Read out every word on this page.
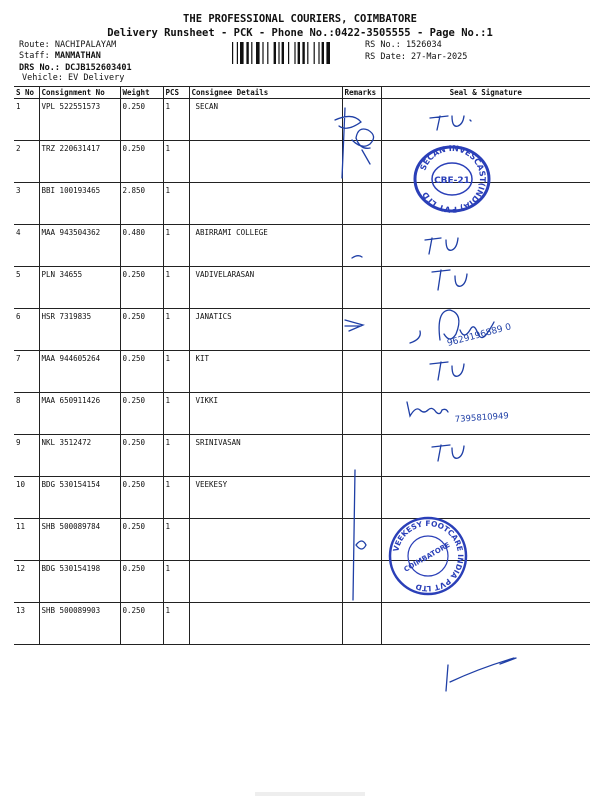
THE PROFESSIONAL COURIERS, COIMBATORE
Delivery Runsheet - PCK - Phone No.:0422-3505555 - Page No.:1
Route: NACHIPALAYAM
Staff: MANMATHAN
DRS No.: DCJB152603401
Vehicle: EV Delivery
RS No.: 1526034
RS Date: 27-Mar-2025
S No	Consignment No	Weight	PCS	Consignee Details	Remarks	Seal & Signature
1	VPL 522551573	0.250	1	SECAN		
2	TRZ 220631417	0.250	1			
3	BBI 100193465	2.850	1			
4	MAA 943504362	0.480	1	ABIRRAMI COLLEGE		
5	PLN 34655	0.250	1	VADIVELARASAN		
6	HSR 7319835	0.250	1	JANATICS		
7	MAA 944605264	0.250	1	KIT		
8	MAA 650911426	0.250	1	VIKKI		
9	NKL 3512472	0.250	1	SRINIVASAN		
10	BDG 530154154	0.250	1	VEEKESY		
11	SHB 500089784	0.250	1			
12	BDG 530154198	0.250	1			
13	SHB 500089903	0.250	1			
9629196889 0
7395810949
SECAN INVESCAST(INDIA) PVT LTD
CBE-21
VEEKESY FOOTCARE INDIA PVT LTD
COIMBATORE
